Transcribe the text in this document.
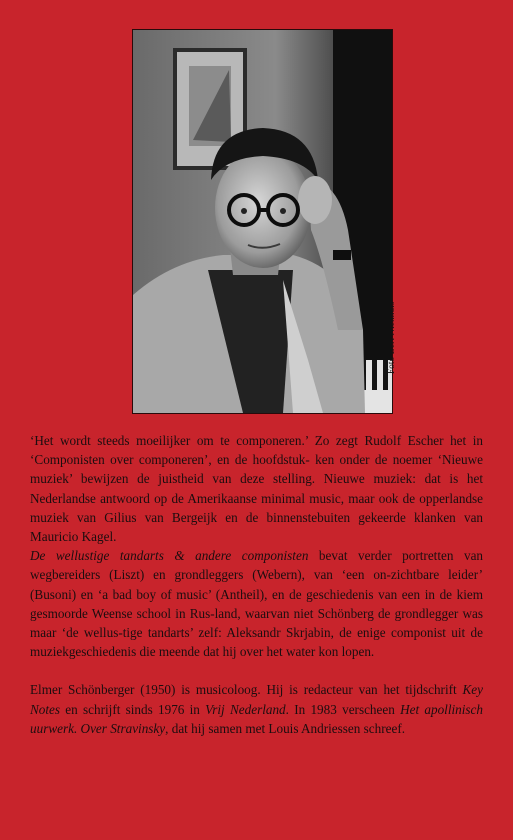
Foto Bert Nienhuis

‘Het wordt steeds moeilijker om te componeren.’ Zo zegt Rudolf Escher het in ‘Componisten over componeren’, en de hoofdstuk- ken onder de noemer ‘Nieuwe muziek’ bewijzen de juistheid van deze stelling. Nieuwe muziek: dat is het Nederlandse antwoord op de Amerikaanse minimal music, maar ook de opperlandse muziek van Gilius van Bergeijk en de binnenstebuiten gekeerde klanken van Mauricio Kagel.
De wellustige tandarts & andere componisten bevat verder portretten van wegbereiders (Liszt) en grondleggers (Webern), van ‘een on-zichtbare leider’ (Busoni) en ‘a bad boy of music’ (Antheil), en de geschiedenis van een in de kiem gesmoorde Weense school in Rus-land, waarvan niet Schönberg de grondlegger was maar ‘de wellus-tige tandarts’ zelf: Aleksandr Skrjabin, de enige componist uit de muziekgeschiedenis die meende dat hij over het water kon lopen.

Elmer Schönberger (1950) is musicoloog. Hij is redacteur van het tijdschrift Key Notes en schrijft sinds 1976 in Vrij Nederland. In 1983 verscheen Het apollinisch uurwerk. Over Stravinsky, dat hij samen met Louis Andriessen schreef.
